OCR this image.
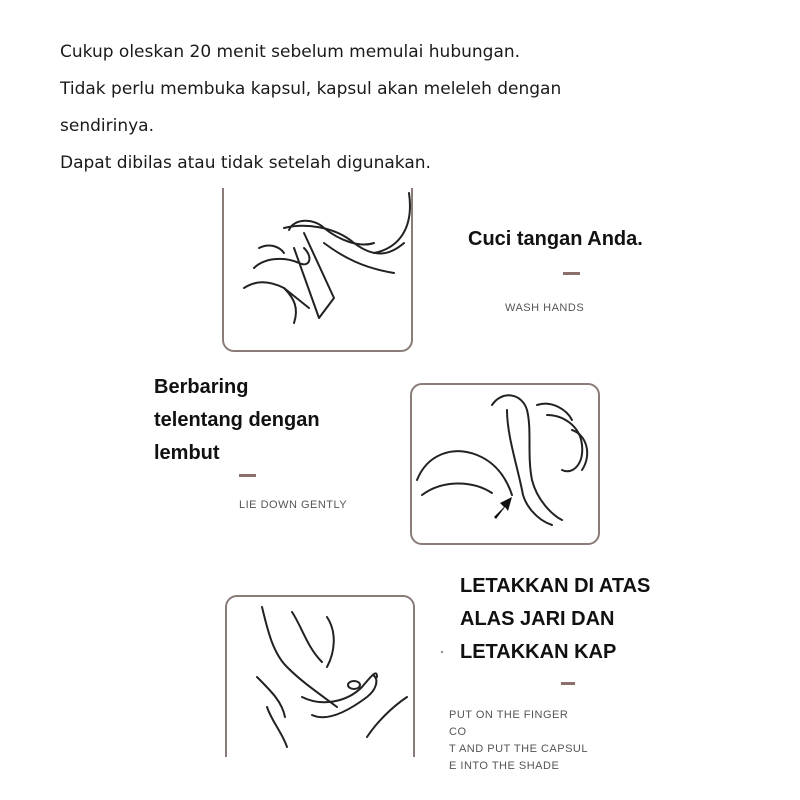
Cukup oleskan 20 menit sebelum memulai hubungan.

Tidak perlu membuka kapsul, kapsul akan meleleh dengan

sendirinya.

Dapat dibilas atau tidak setelah digunakan.

Cuci tangan Anda.
WASH HANDS
Berbaring
telentang dengan
lembut
LIE DOWN GENTLY
LETAKKAN DI ATAS
ALAS JARI DAN
LETAKKAN KAP
PUT ON THE FINGER CO
T AND PUT THE CAPSUL
E INTO THE SHADE
